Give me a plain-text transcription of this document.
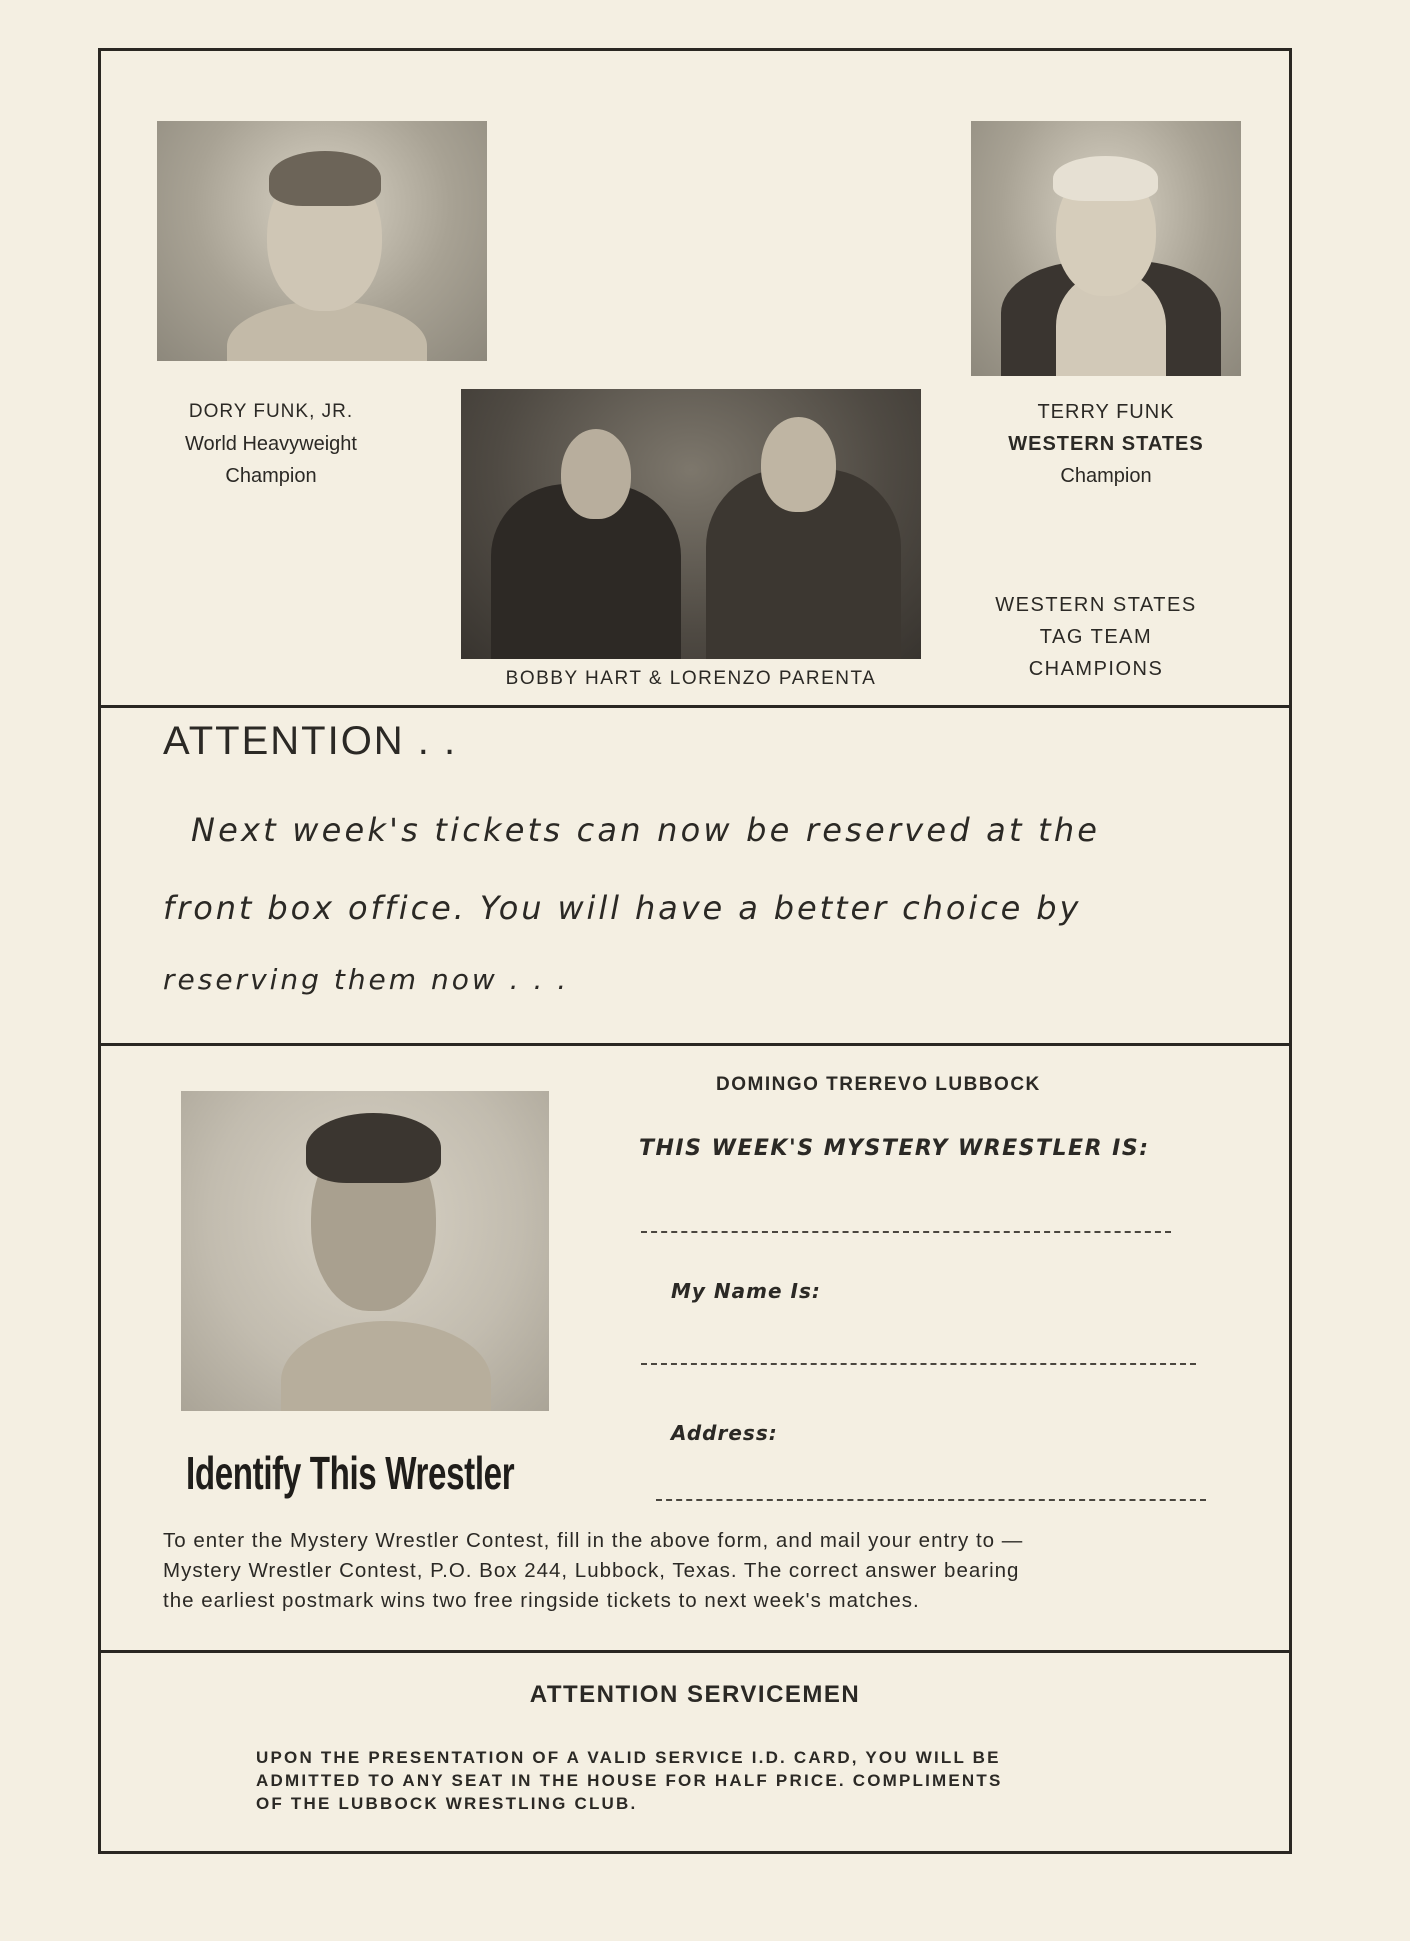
DORY FUNK, JR.
World Heavyweight
Champion
TERRY FUNK
WESTERN STATES
Champion
BOBBY HART & LORENZO PARENTA
WESTERN STATES
TAG TEAM
CHAMPIONS
ATTENTION . .
Next week's tickets can now be reserved at the
front box office. You will have a better choice by
reserving them now . . .
Identify This Wrestler
DOMINGO TREREVO LUBBOCK
THIS WEEK'S MYSTERY WRESTLER IS:
My Name Is:
Address:
To enter the Mystery Wrestler Contest, fill in the above form, and mail your entry to —
Mystery Wrestler Contest, P.O. Box 244, Lubbock, Texas. The correct answer bearing
the earliest postmark wins two free ringside tickets to next week's matches.
ATTENTION SERVICEMEN
UPON THE PRESENTATION OF A VALID SERVICE I.D. CARD, YOU WILL BE
ADMITTED TO ANY SEAT IN THE HOUSE FOR HALF PRICE. COMPLIMENTS
OF THE LUBBOCK WRESTLING CLUB.
